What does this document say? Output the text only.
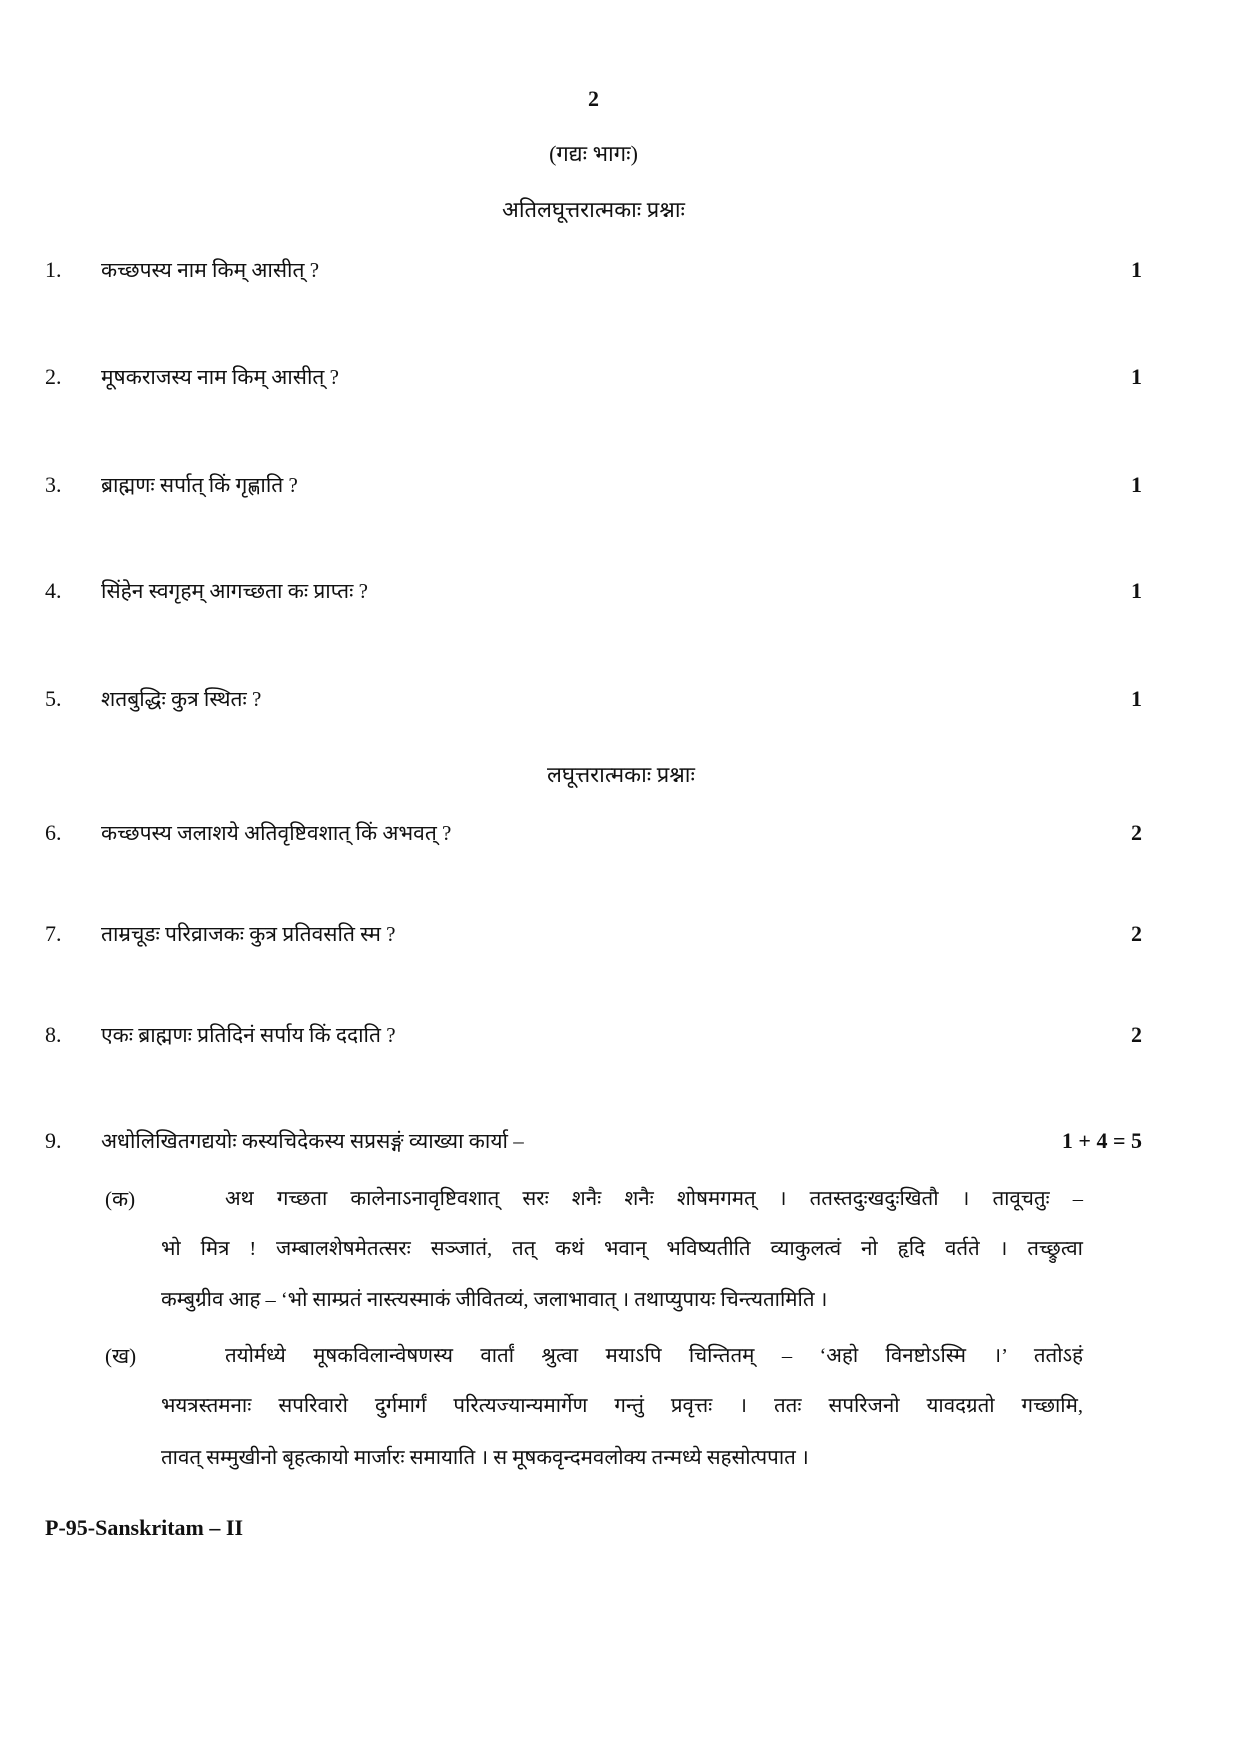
2
(गद्यः भागः)
अतिलघूत्तरात्मकाः प्रश्नाः
1. कच्छपस्य नाम किम् आसीत् ?	1
2. मूषकराजस्य नाम किम् आसीत् ?	1
3. ब्राह्मणः सर्पात् किं गृह्णाति ?	1
4. सिंहेन स्वगृहम् आगच्छता कः प्राप्तः ?	1
5. शतबुद्धिः कुत्र स्थितः ?	1
लघूत्तरात्मकाः प्रश्नाः
6. कच्छपस्य जलाशये अतिवृष्टिवशात् किं अभवत् ?	2
7. ताम्रचूडः परिव्राजकः कुत्र प्रतिवसति स्म ?	2
8. एकः ब्राह्मणः प्रतिदिनं सर्पाय किं ददाति ?	2
9. अधोलिखितगद्ययोः कस्यचिदेकस्य सप्रसङ्गं व्याख्या कार्या –	1 + 4 = 5
(क)	अथ गच्छता कालेनाऽनावृष्टिवशात् सरः शनैः शनैः शोषमगमत् । ततस्तदुःखदुःखितौ । तावूचतुः –
भो मित्र ! जम्बालशेषमेतत्सरः सञ्जातं, तत् कथं भवान् भविष्यतीति व्याकुलत्वं नो हृदि वर्तते । तच्छ्रुत्वा
कम्बुग्रीव आह – ‘भो साम्प्रतं नास्त्यस्माकं जीवितव्यं, जलाभावात् । तथाप्युपायः चिन्त्यतामिति ।
(ख)	तयोर्मध्ये मूषकविलान्वेषणस्य वार्तां श्रुत्वा मयाऽपि चिन्तितम् – ‘अहो विनष्टोऽस्मि ।’ ततोऽहं
भयत्रस्तमनाः सपरिवारो दुर्गमार्गं परित्यज्यान्यमार्गेण गन्तुं प्रवृत्तः । ततः सपरिजनो यावदग्रतो गच्छामि,
तावत् सम्मुखीनो बृहत्कायो मार्जारः समायाति । स मूषकवृन्दमवलोक्य तन्मध्ये सहसोत्पपात ।
P-95-Sanskritam – II
